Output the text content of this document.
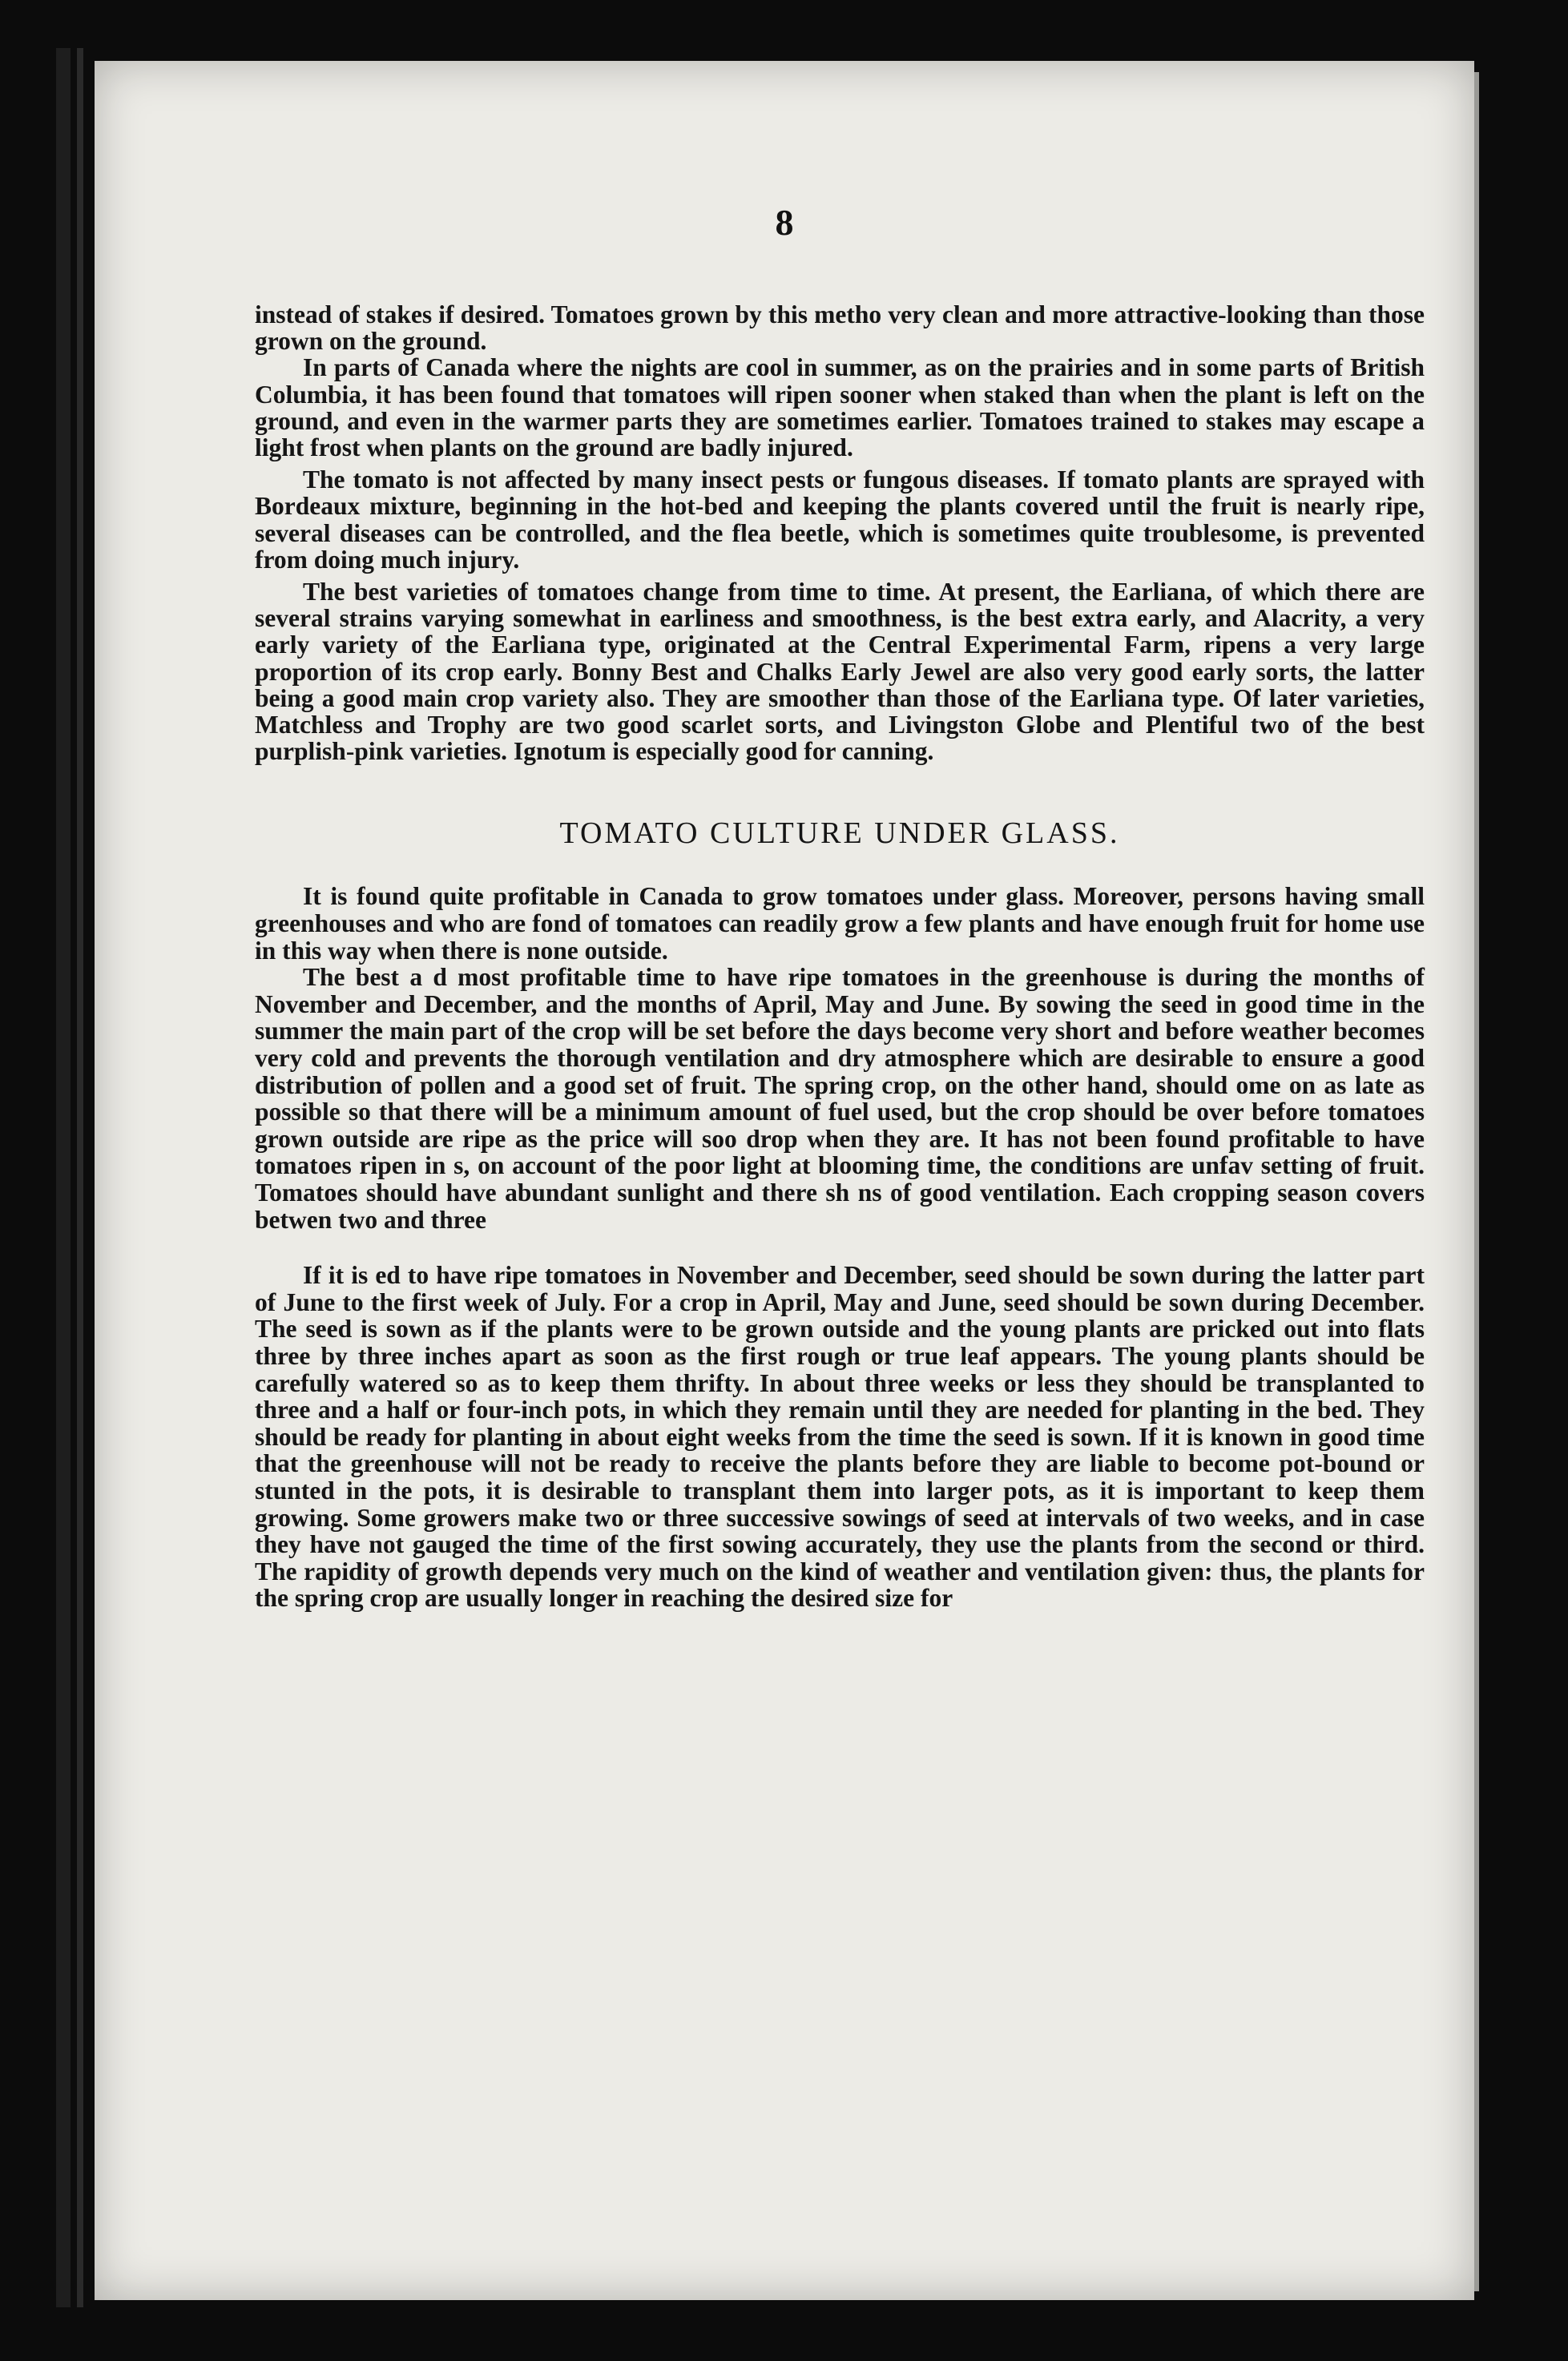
8

instead of stakes if desired. Tomatoes grown by this metho very clean and more attractive-looking than those grown on the ground.

In parts of Canada where the nights are cool in summer, as on the prairies and in some parts of British Columbia, it has been found that tomatoes will ripen sooner when staked than when the plant is left on the ground, and even in the warmer parts they are sometimes earlier. Tomatoes trained to stakes may escape a light frost when plants on the ground are badly injured.

The tomato is not affected by many insect pests or fungous diseases. If tomato plants are sprayed with Bordeaux mixture, beginning in the hot-bed and keeping the plants covered until the fruit is nearly ripe, several diseases can be controlled, and the flea beetle, which is sometimes quite troublesome, is prevented from doing much injury.

The best varieties of tomatoes change from time to time. At present, the Earliana, of which there are several strains varying somewhat in earliness and smoothness, is the best extra early, and Alacrity, a very early variety of the Earliana type, originated at the Central Experimental Farm, ripens a very large proportion of its crop early. Bonny Best and Chalks Early Jewel are also very good early sorts, the latter being a good main crop variety also. They are smoother than those of the Earliana type. Of later varieties, Matchless and Trophy are two good scarlet sorts, and Livingston Globe and Plentiful two of the best purplish-pink varieties. Ignotum is especially good for canning.

TOMATO CULTURE UNDER GLASS.

It is found quite profitable in Canada to grow tomatoes under glass. Moreover, persons having small greenhouses and who are fond of tomatoes can readily grow a few plants and have enough fruit for home use in this way when there is none outside.

The best a d most profitable time to have ripe tomatoes in the greenhouse is during the months of November and December, and the months of April, May and June. By sowing the seed in good time in the summer the main part of the crop will be set before the days become very short and before weather becomes very cold and prevents the thorough ventilation and dry atmosphere which are desirable to ensure a good distribution of pollen and a good set of fruit. The spring crop, on the other hand, should ome on as late as possible so that there will be a minimum amount of fuel used, but the crop should be over before tomatoes grown outside are ripe as the price will soo drop when they are. It has not been found profitable to have tomatoes ripen in s, on account of the poor light at blooming time, the conditions are unfav setting of fruit. Tomatoes should have abundant sunlight and there sh ns of good ventilation. Each cropping season covers betwen two and three

If it is ed to have ripe tomatoes in November and December, seed should be sown during the latter part of June to the first week of July. For a crop in April, May and June, seed should be sown during December. The seed is sown as if the plants were to be grown outside and the young plants are pricked out into flats three by three inches apart as soon as the first rough or true leaf appears. The young plants should be carefully watered so as to keep them thrifty. In about three weeks or less they should be transplanted to three and a half or four-inch pots, in which they remain until they are needed for planting in the bed. They should be ready for planting in about eight weeks from the time the seed is sown. If it is known in good time that the greenhouse will not be ready to receive the plants before they are liable to become pot-bound or stunted in the pots, it is desirable to transplant them into larger pots, as it is important to keep them growing. Some growers make two or three successive sowings of seed at intervals of two weeks, and in case they have not gauged the time of the first sowing accurately, they use the plants from the second or third. The rapidity of growth depends very much on the kind of weather and ventilation given: thus, the plants for the spring crop are usually longer in reaching the desired size for
